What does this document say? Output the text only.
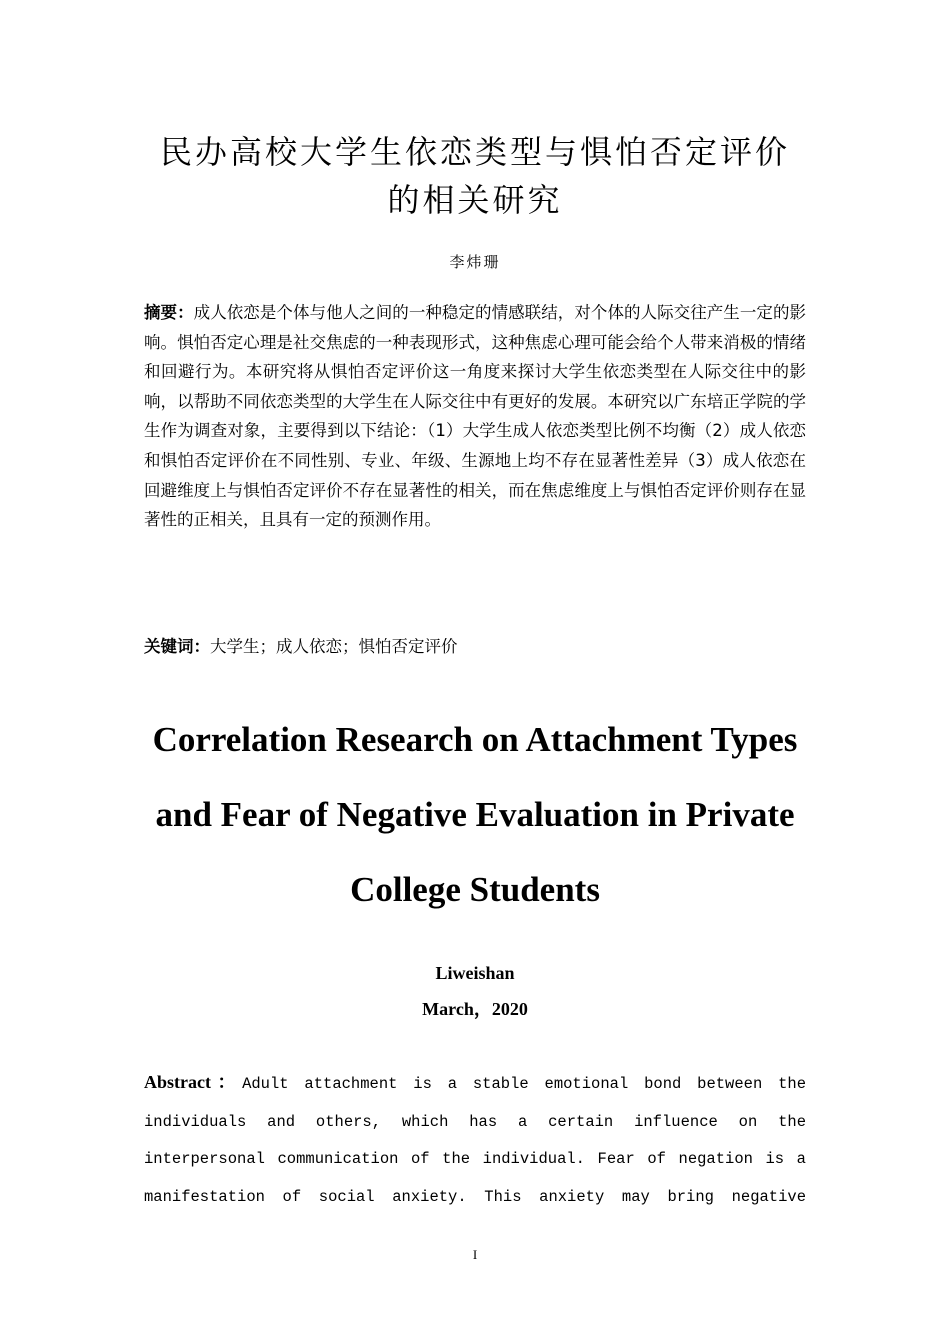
民办高校大学生依恋类型与惧怕否定评价
的相关研究
李炜珊

摘要：成人依恋是个体与他人之间的一种稳定的情感联结，对个体的人际交往产生一定的影响。惧怕否定心理是社交焦虑的一种表现形式，这种焦虑心理可能会给个人带来消极的情绪和回避行为。本研究将从惧怕否定评价这一角度来探讨大学生依恋类型在人际交往中的影响，以帮助不同依恋类型的大学生在人际交往中有更好的发展。本研究以广东培正学院的学生作为调查对象，主要得到以下结论：（1）大学生成人依恋类型比例不均衡（2）成人依恋和惧怕否定评价在不同性别、专业、年级、生源地上均不存在显著性差异（3）成人依恋在回避维度上与惧怕否定评价不存在显著性的相关，而在焦虑维度上与惧怕否定评价则存在显著性的正相关，且具有一定的预测作用。

关键词：大学生；成人依恋；惧怕否定评价
Correlation Research on Attachment Types
and Fear of Negative Evaluation in Private
College Students
Liweishan
March，2020

Abstract：Adult attachment is a stable emotional bond between the individuals and others, which has a certain influence on the interpersonal communication of the individual. Fear of negation is a manifestation of social anxiety. This anxiety may bring negative

I
